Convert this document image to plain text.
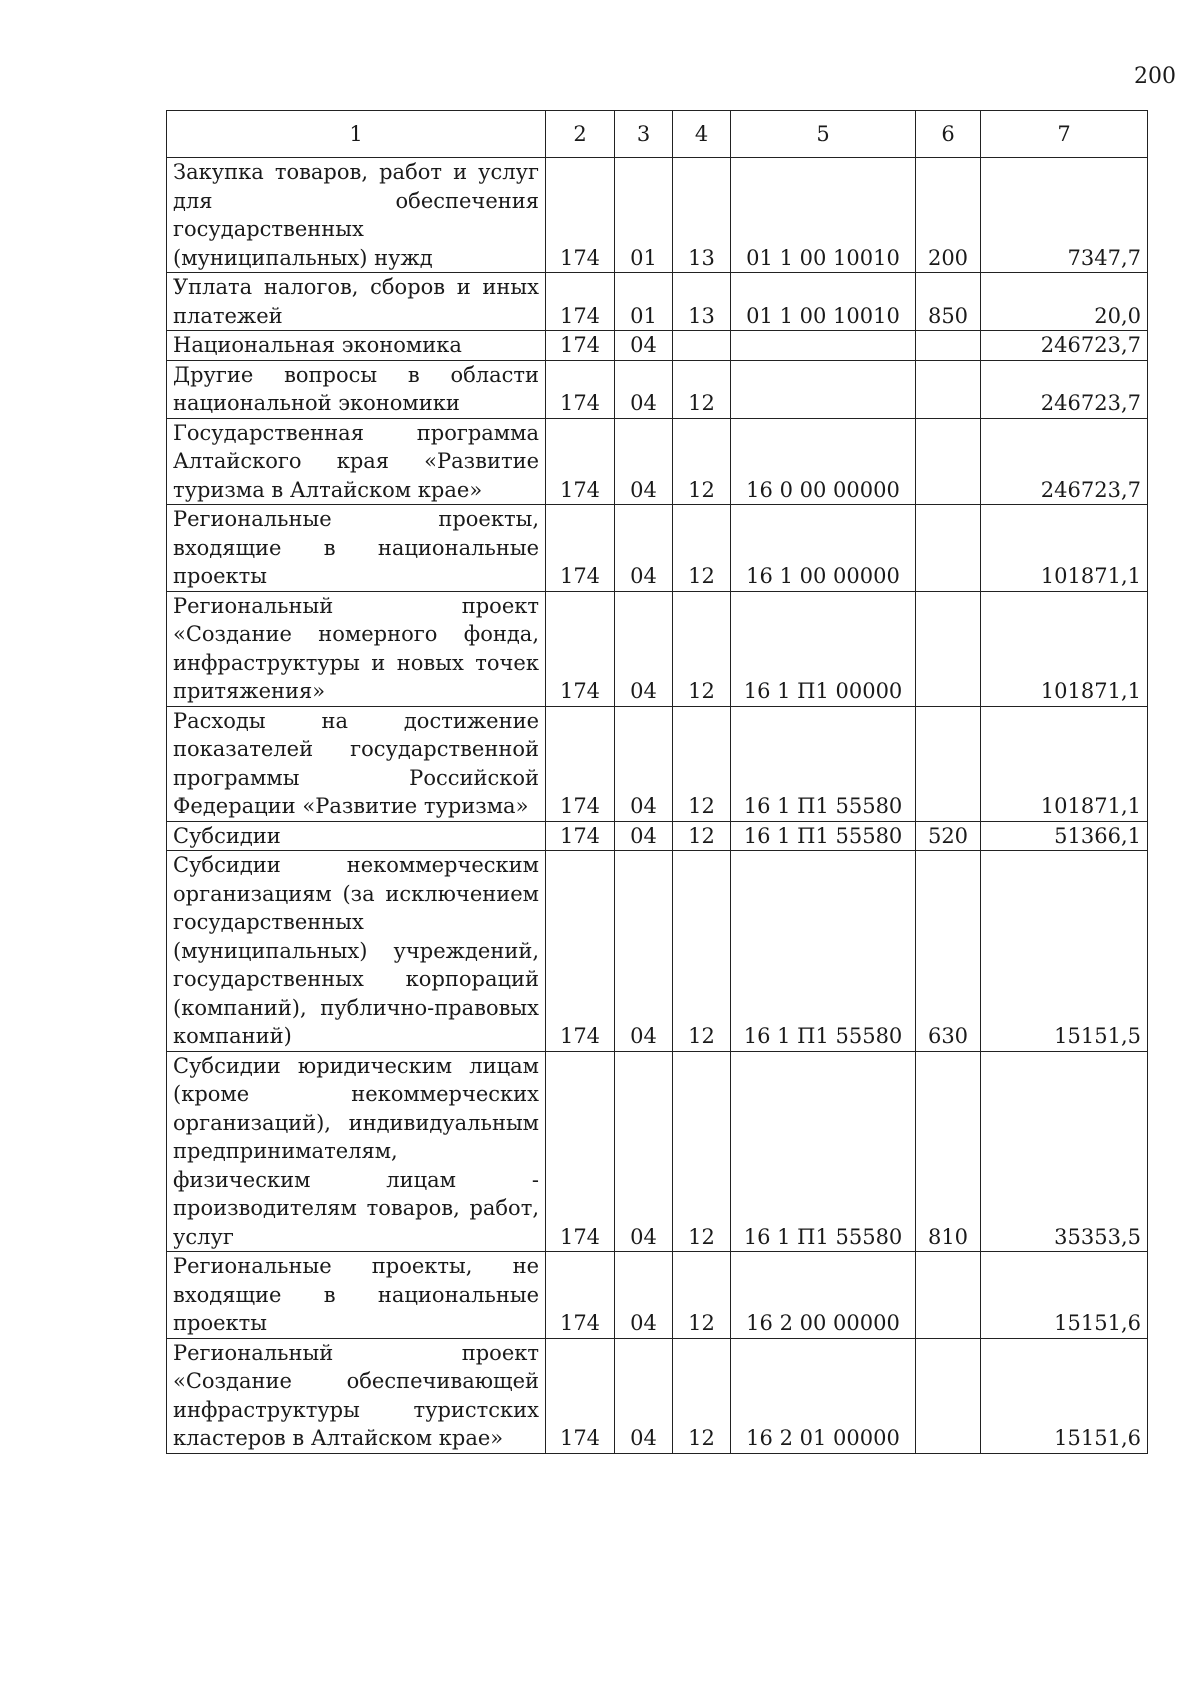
200
1	2	3	4	5	6	7
Закупка товаров, работ и услуг для обеспечения государственных (муниципальных) нужд	174	01	13	01 1 00 10010	200	7347,7
Уплата налогов, сборов и иных платежей	174	01	13	01 1 00 10010	850	20,0
Национальная экономика	174	04				246723,7
Другие вопросы в области национальной экономики	174	04	12			246723,7
Государственная программа Алтайского края «Развитие туризма в Алтайском крае»	174	04	12	16 0 00 00000		246723,7
Региональные проекты, входящие в национальные проекты	174	04	12	16 1 00 00000		101871,1
Региональный проект «Создание номерного фонда, инфраструктуры и новых точек притяжения»	174	04	12	16 1 П1 00000		101871,1
Расходы на достижение показателей государственной программы Российской Федерации «Развитие туризма»	174	04	12	16 1 П1 55580		101871,1
Субсидии	174	04	12	16 1 П1 55580	520	51366,1
Субсидии некоммерческим организациям (за исключением государственных (муниципальных) учреждений, государственных корпораций (компаний), публично-правовых компаний)	174	04	12	16 1 П1 55580	630	15151,5
Субсидии юридическим лицам (кроме некоммерческих организаций), индивидуальным предпринимателям, физическим лицам - производителям товаров, работ, услуг	174	04	12	16 1 П1 55580	810	35353,5
Региональные проекты, не входящие в национальные проекты	174	04	12	16 2 00 00000		15151,6
Региональный проект «Создание обеспечивающей инфраструктуры туристских кластеров в Алтайском крае»	174	04	12	16 2 01 00000		15151,6
